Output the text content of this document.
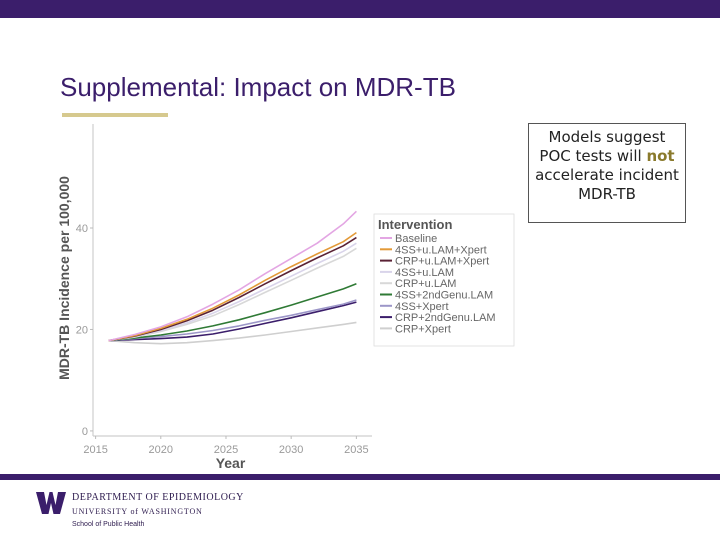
Supplemental: Impact on MDR-TB
0
20
40
2015	2020	2025	2030	2035
Year
MDR-TB Incidence per 100,000	Intervention
Baseline
4SS+u.LAM+Xpert
CRP+u.LAM+Xpert
4SS+u.LAM
CRP+u.LAM
4SS+2ndGenu.LAM
4SS+Xpert
CRP+2ndGenu.LAM
CRP+Xpert
Models suggest
POC tests will not
accelerate incident
MDR-TB
DEPARTMENT OF EPIDEMIOLOGY
UNIVERSITY of WASHINGTON
School of Public Health
